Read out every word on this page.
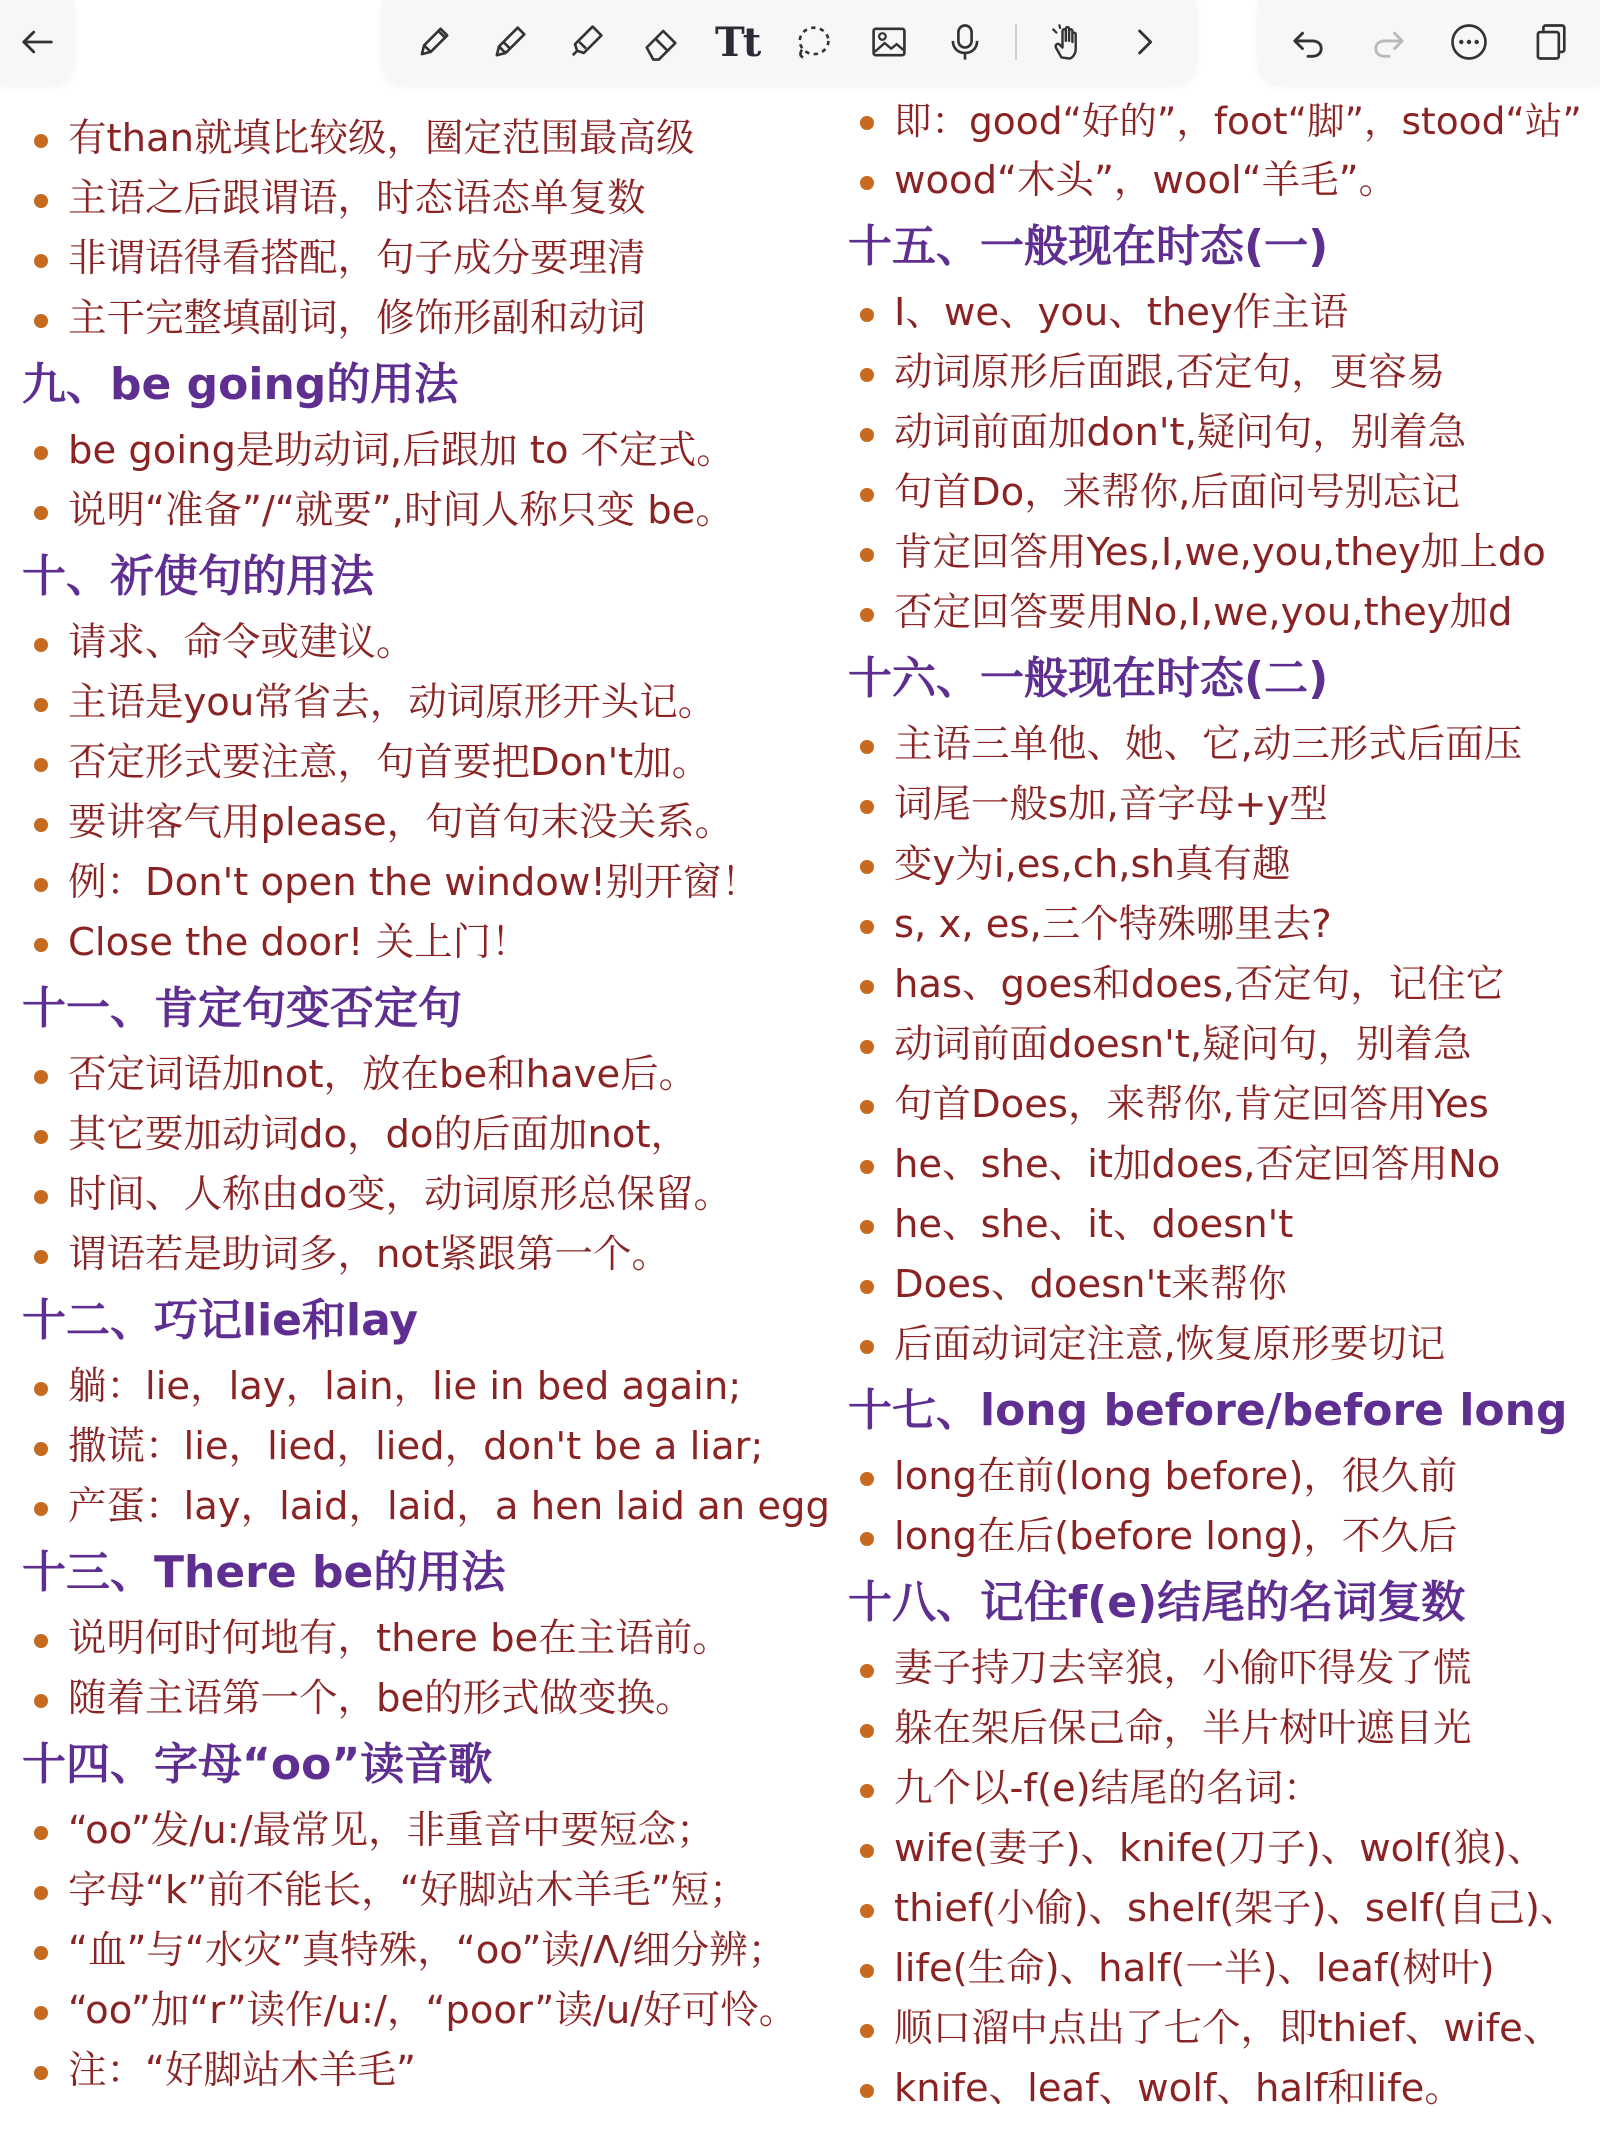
Tt
有than就填比较级，圈定范围最高级
主语之后跟谓语，时态语态单复数
非谓语得看搭配，句子成分要理清
主干完整填副词，修饰形副和动词
九、be going的用法
be going是助动词,后跟加 to 不定式。
说明“准备”/“就要”,时间人称只变 be。
十、祈使句的用法
请求、命令或建议。
主语是you常省去，动词原形开头记。
否定形式要注意，句首要把Don't加。
要讲客气用please，句首句末没关系。
例：Don't open the window!别开窗！
Close the door! 关上门！
十一、肯定句变否定句
否定词语加not，放在be和have后。
其它要加动词do，do的后面加not，
时间、人称由do变，动词原形总保留。
谓语若是助词多，not紧跟第一个。
十二、巧记lie和lay
躺：lie，lay，lain，lie in bed again;
撒谎：lie，lied，lied，don't be a liar;
产蛋：lay，laid，laid，a hen laid an egg
十三、There be的用法
说明何时何地有，there be在主语前。
随着主语第一个，be的形式做变换。
十四、字母“oo”读音歌
“oo”发/u:/最常见，非重音中要短念；
字母“k”前不能长，“好脚站木羊毛”短；
“血”与“水灾”真特殊，“oo”读/Λ/细分辨；
“oo”加“r”读作/u:/，“poor”读/u/好可怜。
注：“好脚站木羊毛”
即：good“好的”，foot“脚”，stood“站”
wood“木头”，wool“羊毛”。
十五、一般现在时态(一)
I、we、you、they作主语
动词原形后面跟,否定句，更容易
动词前面加don't,疑问句，别着急
句首Do，来帮你,后面问号别忘记
肯定回答用Yes,I,we,you,they加上do
否定回答要用No,I,we,you,they加d
十六、一般现在时态(二)
主语三单他、她、它,动三形式后面压
词尾一般s加,音字母+y型
变y为i,es,ch,sh真有趣
s, x, es,三个特殊哪里去?
has、goes和does,否定句，记住它
动词前面doesn't,疑问句，别着急
句首Does，来帮你,肯定回答用Yes
he、she、it加does,否定回答用No
he、she、it、doesn't
Does、doesn't来帮你
后面动词定注意,恢复原形要切记
十七、long before/before long
long在前(long before)，很久前
long在后(before long)，不久后
十八、记住f(e)结尾的名词复数
妻子持刀去宰狼，小偷吓得发了慌
躲在架后保己命，半片树叶遮目光
九个以-f(e)结尾的名词：
wife(妻子)、knife(刀子)、wolf(狼)、
thief(小偷)、shelf(架子)、self(自己)、
life(生命)、half(一半)、leaf(树叶)
顺口溜中点出了七个，即thief、wife、
knife、leaf、wolf、half和life。
